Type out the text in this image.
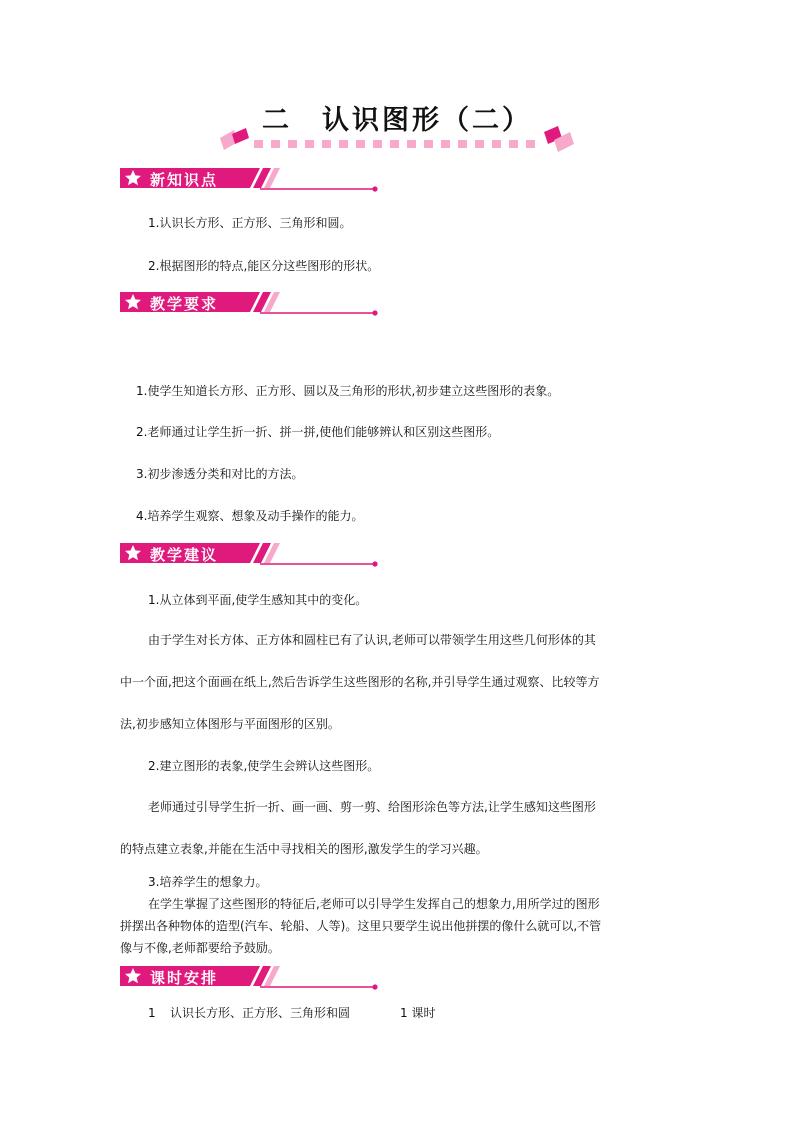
二　认识图形（二）
新知识点
1.认识长方形、正方形、三角形和圆。
2.根据图形的特点,能区分这些图形的形状。
教学要求
1.使学生知道长方形、正方形、圆以及三角形的形状,初步建立这些图形的表象。
2.老师通过让学生折一折、拼一拼,使他们能够辨认和区别这些图形。
3.初步渗透分类和对比的方法。
4.培养学生观察、想象及动手操作的能力。
教学建议
1.从立体到平面,使学生感知其中的变化。
由于学生对长方体、正方体和圆柱已有了认识,老师可以带领学生用这些几何形体的其
中一个面,把这个面画在纸上,然后告诉学生这些图形的名称,并引导学生通过观察、比较等方
法,初步感知立体图形与平面图形的区别。
2.建立图形的表象,使学生会辨认这些图形。
老师通过引导学生折一折、画一画、剪一剪、给图形涂色等方法,让学生感知这些图形
的特点建立表象,并能在生活中寻找相关的图形,激发学生的学习兴趣。
3.培养学生的想象力。
在学生掌握了这些图形的特征后,老师可以引导学生发挥自己的想象力,用所学过的图形
拼摆出各种物体的造型(汽车、轮船、人等)。这里只要学生说出他拼摆的像什么就可以,不管
像与不像,老师都要给予鼓励。
课时安排
1 认识长方形、正方形、三角形和圆	1 课时
